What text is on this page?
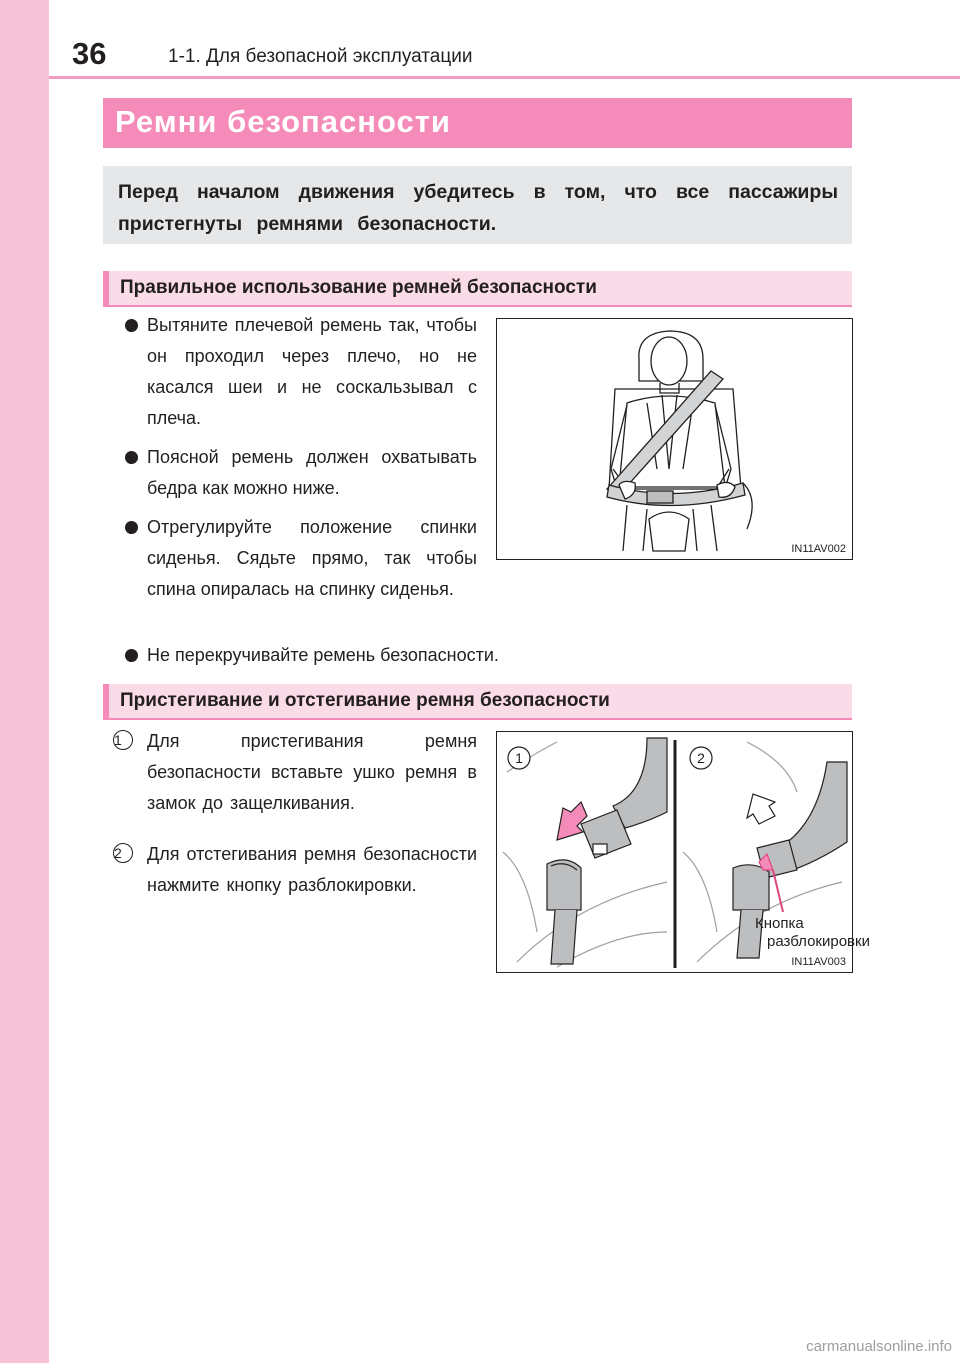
36	1-1. Для безопасной эксплуатации
Ремни безопасности
Перед началом движения убедитесь в том, что все пассажиры пристегнуты ремнями безопасности.
Правильное использование ремней безопасности
Вытяните плечевой ремень так, чтобы он проходил через плечо, но не касался шеи и не соскальзывал с плеча.
Поясной ремень должен охватывать бедра как можно ниже.
Отрегулируйте положение спинки сиденья. Сядьте прямо, так чтобы спина опиралась на спинку сиденья.
Не перекручивайте ремень безопасности.
IN11AV002
Пристегивание и отстегивание ремня безопасности
1	Для пристегивания ремня безопасности вставьте ушко ремня в замок до защелкивания.
2	Для отстегивания ремня безопасности нажмите кнопку разблокировки.
1	2
Кнопка
разблокировки
IN11AV003
carmanualsonline.info
